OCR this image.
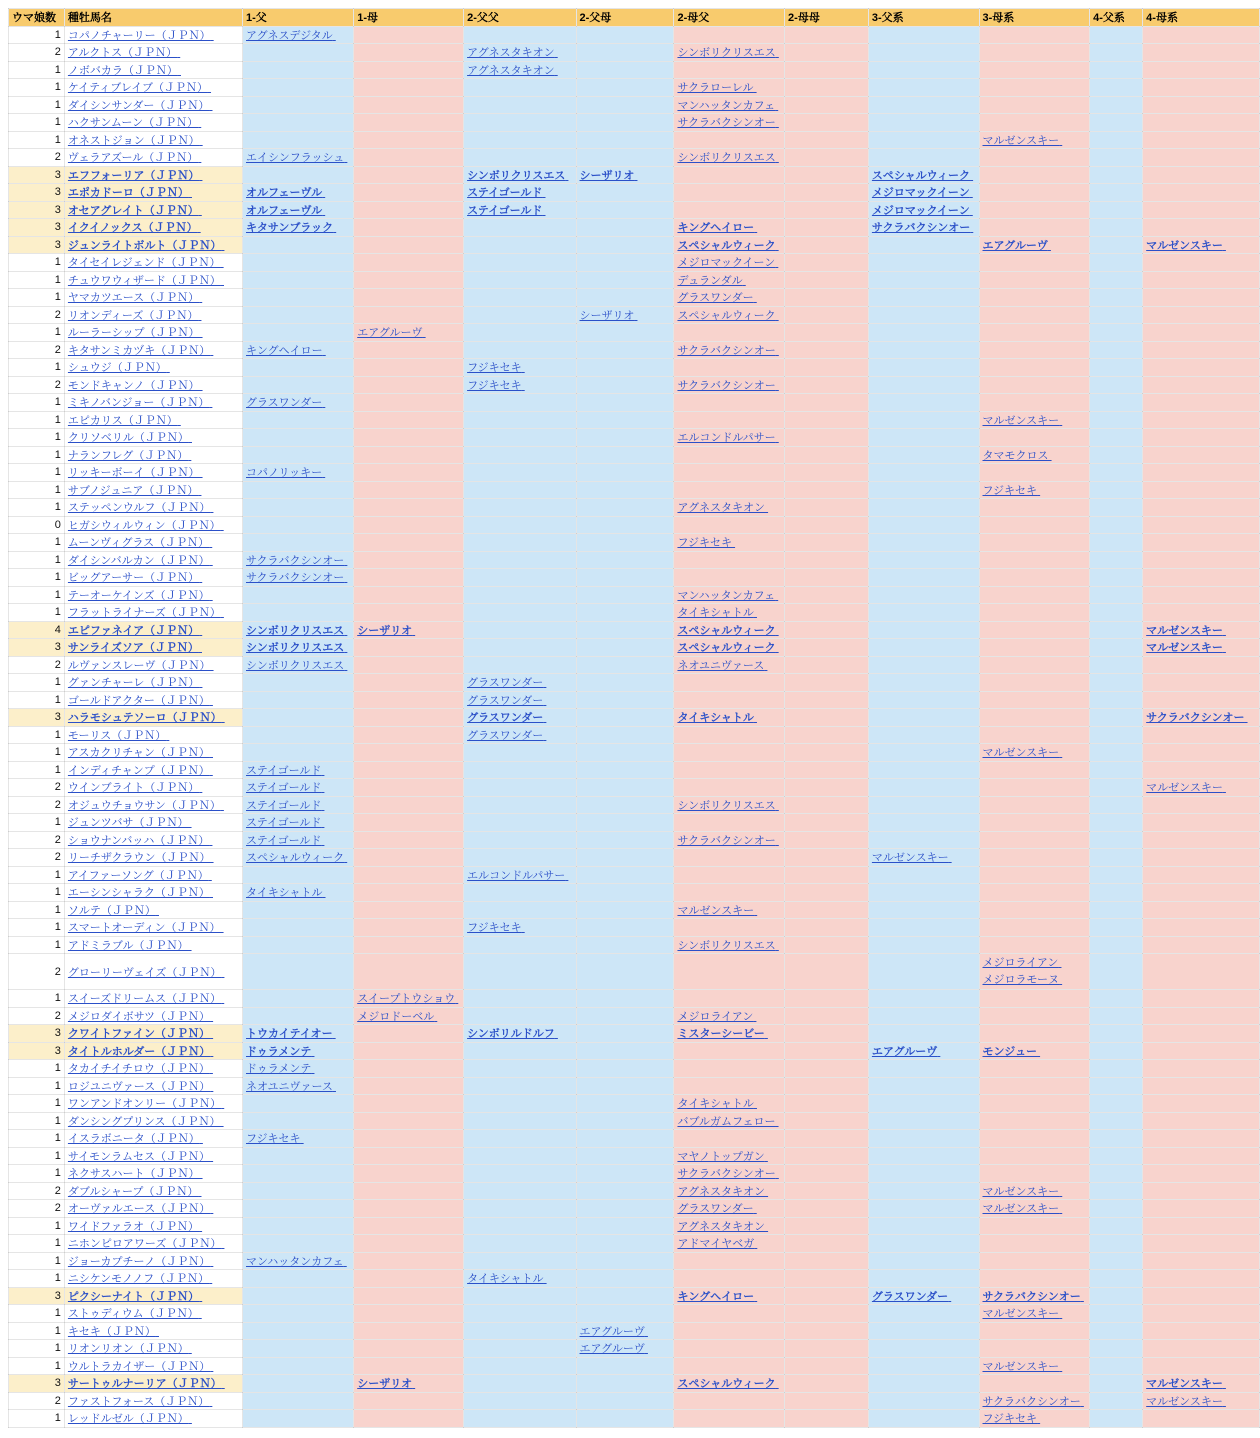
ウマ娘数	種牡馬名	1-父	1-母	2-父父	2-父母	2-母父	2-母母	3-父系	3-母系	4-父系	4-母系
1	コパノチャーリー（ＪＰＮ）	アグネスデジタル									
2	アルクトス（ＪＰＮ）			アグネスタキオン		シンボリクリスエス					
1	ノボバカラ（ＪＰＮ）			アグネスタキオン							
1	ケイティブレイブ（ＪＰＮ）					サクラローレル					
1	ダイシンサンダー（ＪＰＮ）					マンハッタンカフェ					
1	ハクサンムーン（ＪＰＮ）					サクラバクシンオー					
1	オネストジョン（ＪＰＮ）								マルゼンスキー		
2	ヴェラアズール（ＪＰＮ）	エイシンフラッシュ				シンボリクリスエス					
3	エフフォーリア（ＪＰＮ）			シンボリクリスエス	シーザリオ			スペシャルウィーク			
3	エポカドーロ（ＪＰＮ）	オルフェーヴル		ステイゴールド				メジロマックイーン			
3	オセアグレイト（ＪＰＮ）	オルフェーヴル		ステイゴールド				メジロマックイーン			
3	イクイノックス（ＪＰＮ）	キタサンブラック				キングヘイロー		サクラバクシンオー			
3	ジュンライトボルト（ＪＰＮ）					スペシャルウィーク			エアグルーヴ		マルゼンスキー
1	タイセイレジェンド（ＪＰＮ）					メジロマックイーン					
1	チュウワウィザード（ＪＰＮ）					デュランダル					
1	ヤマカツエース（ＪＰＮ）					グラスワンダー					
2	リオンディーズ（ＪＰＮ）				シーザリオ	スペシャルウィーク					
1	ルーラーシップ（ＪＰＮ）		エアグルーヴ								
2	キタサンミカヅキ（ＪＰＮ）	キングヘイロー				サクラバクシンオー					
1	シュウジ（ＪＰＮ）			フジキセキ							
2	モンドキャンノ（ＪＰＮ）			フジキセキ		サクラバクシンオー					
1	ミキノバンジョー（ＪＰＮ）	グラスワンダー									
1	エピカリス（ＪＰＮ）								マルゼンスキー		
1	クリソベリル（ＪＰＮ）					エルコンドルパサー					
1	ナランフレグ（ＪＰＮ）								タマモクロス		
1	リッキーボーイ（ＪＰＮ）	コパノリッキー									
1	サブノジュニア（ＪＰＮ）								フジキセキ		
1	ステッペンウルフ（ＪＰＮ）					アグネスタキオン					
0	ヒガシウィルウィン（ＪＰＮ）										
1	ムーンヴィグラス（ＪＰＮ）					フジキセキ					
1	ダイシンバルカン（ＪＰＮ）	サクラバクシンオー									
1	ビッグアーサー（ＪＰＮ）	サクラバクシンオー									
1	テーオーケインズ（ＪＰＮ）					マンハッタンカフェ					
1	フラットライナーズ（ＪＰＮ）					タイキシャトル					
4	エピファネイア（ＪＰＮ）	シンボリクリスエス	シーザリオ			スペシャルウィーク					マルゼンスキー
3	サンライズソア（ＪＰＮ）	シンボリクリスエス				スペシャルウィーク					マルゼンスキー
2	ルヴァンスレーヴ（ＪＰＮ）	シンボリクリスエス				ネオユニヴァース					
1	グァンチャーレ（ＪＰＮ）			グラスワンダー							
1	ゴールドアクター（ＪＰＮ）			グラスワンダー							
3	ハラモシュテソーロ（ＪＰＮ）			グラスワンダー		タイキシャトル					サクラバクシンオー
1	モーリス（ＪＰＮ）			グラスワンダー							
1	アスカクリチャン（ＪＰＮ）								マルゼンスキー		
1	インディチャンプ（ＪＰＮ）	ステイゴールド									
2	ウインブライト（ＪＰＮ）	ステイゴールド									マルゼンスキー
2	オジュウチョウサン（ＪＰＮ）	ステイゴールド				シンボリクリスエス					
1	ジュンツバサ（ＪＰＮ）	ステイゴールド									
2	ショウナンバッハ（ＪＰＮ）	ステイゴールド				サクラバクシンオー					
2	リーチザクラウン（ＪＰＮ）	スペシャルウィーク						マルゼンスキー			
1	アイファーソング（ＪＰＮ）			エルコンドルパサー							
1	エーシンシャラク（ＪＰＮ）	タイキシャトル									
1	ソルテ（ＪＰＮ）					マルゼンスキー					
1	スマートオーディン（ＪＰＮ）			フジキセキ							
1	アドミラブル（ＪＰＮ）					シンボリクリスエス					
2	グローリーヴェイズ（ＪＰＮ）								メジロライアン
メジロラモーヌ		

1	スイーズドリームス（ＪＰＮ）		スイープトウショウ								
2	メジロダイボサツ（ＪＰＮ）		メジロドーベル			メジロライアン					
3	クワイトファイン（ＪＰＮ）	トウカイテイオー		シンボリルドルフ		ミスターシービー					
3	タイトルホルダー（ＪＰＮ）	ドゥラメンテ						エアグルーヴ	モンジュー		
1	タカイチイチロウ（ＪＰＮ）	ドゥラメンテ									
1	ロジユニヴァース（ＪＰＮ）	ネオユニヴァース									
1	ワンアンドオンリー（ＪＰＮ）					タイキシャトル					
1	ダンシングプリンス（ＪＰＮ）					バブルガムフェロー					
1	イスラボニータ（ＪＰＮ）	フジキセキ									
1	サイモンラムセス（ＪＰＮ）					マヤノトップガン					
1	ネクサスハート（ＪＰＮ）					サクラバクシンオー					
2	ダブルシャープ（ＪＰＮ）					アグネスタキオン			マルゼンスキー		
2	オーヴァルエース（ＪＰＮ）					グラスワンダー			マルゼンスキー		
1	ワイドファラオ（ＪＰＮ）					アグネスタキオン					
1	ニホンピロアワーズ（ＪＰＮ）					アドマイヤベガ					
1	ジョーカプチーノ（ＪＰＮ）	マンハッタンカフェ									
1	ニシケンモノノフ（ＪＰＮ）			タイキシャトル							
3	ピクシーナイト（ＪＰＮ）					キングヘイロー		グラスワンダー	サクラバクシンオー		
1	ストゥディウム（ＪＰＮ）								マルゼンスキー		
1	キセキ（ＪＰＮ）				エアグルーヴ						
1	リオンリオン（ＪＰＮ）				エアグルーヴ						
1	ウルトラカイザー（ＪＰＮ）								マルゼンスキー		
3	サートゥルナーリア（ＪＰＮ）		シーザリオ			スペシャルウィーク					マルゼンスキー
2	ファストフォース（ＪＰＮ）								サクラバクシンオー		マルゼンスキー
1	レッドルゼル（ＪＰＮ）								フジキセキ		
